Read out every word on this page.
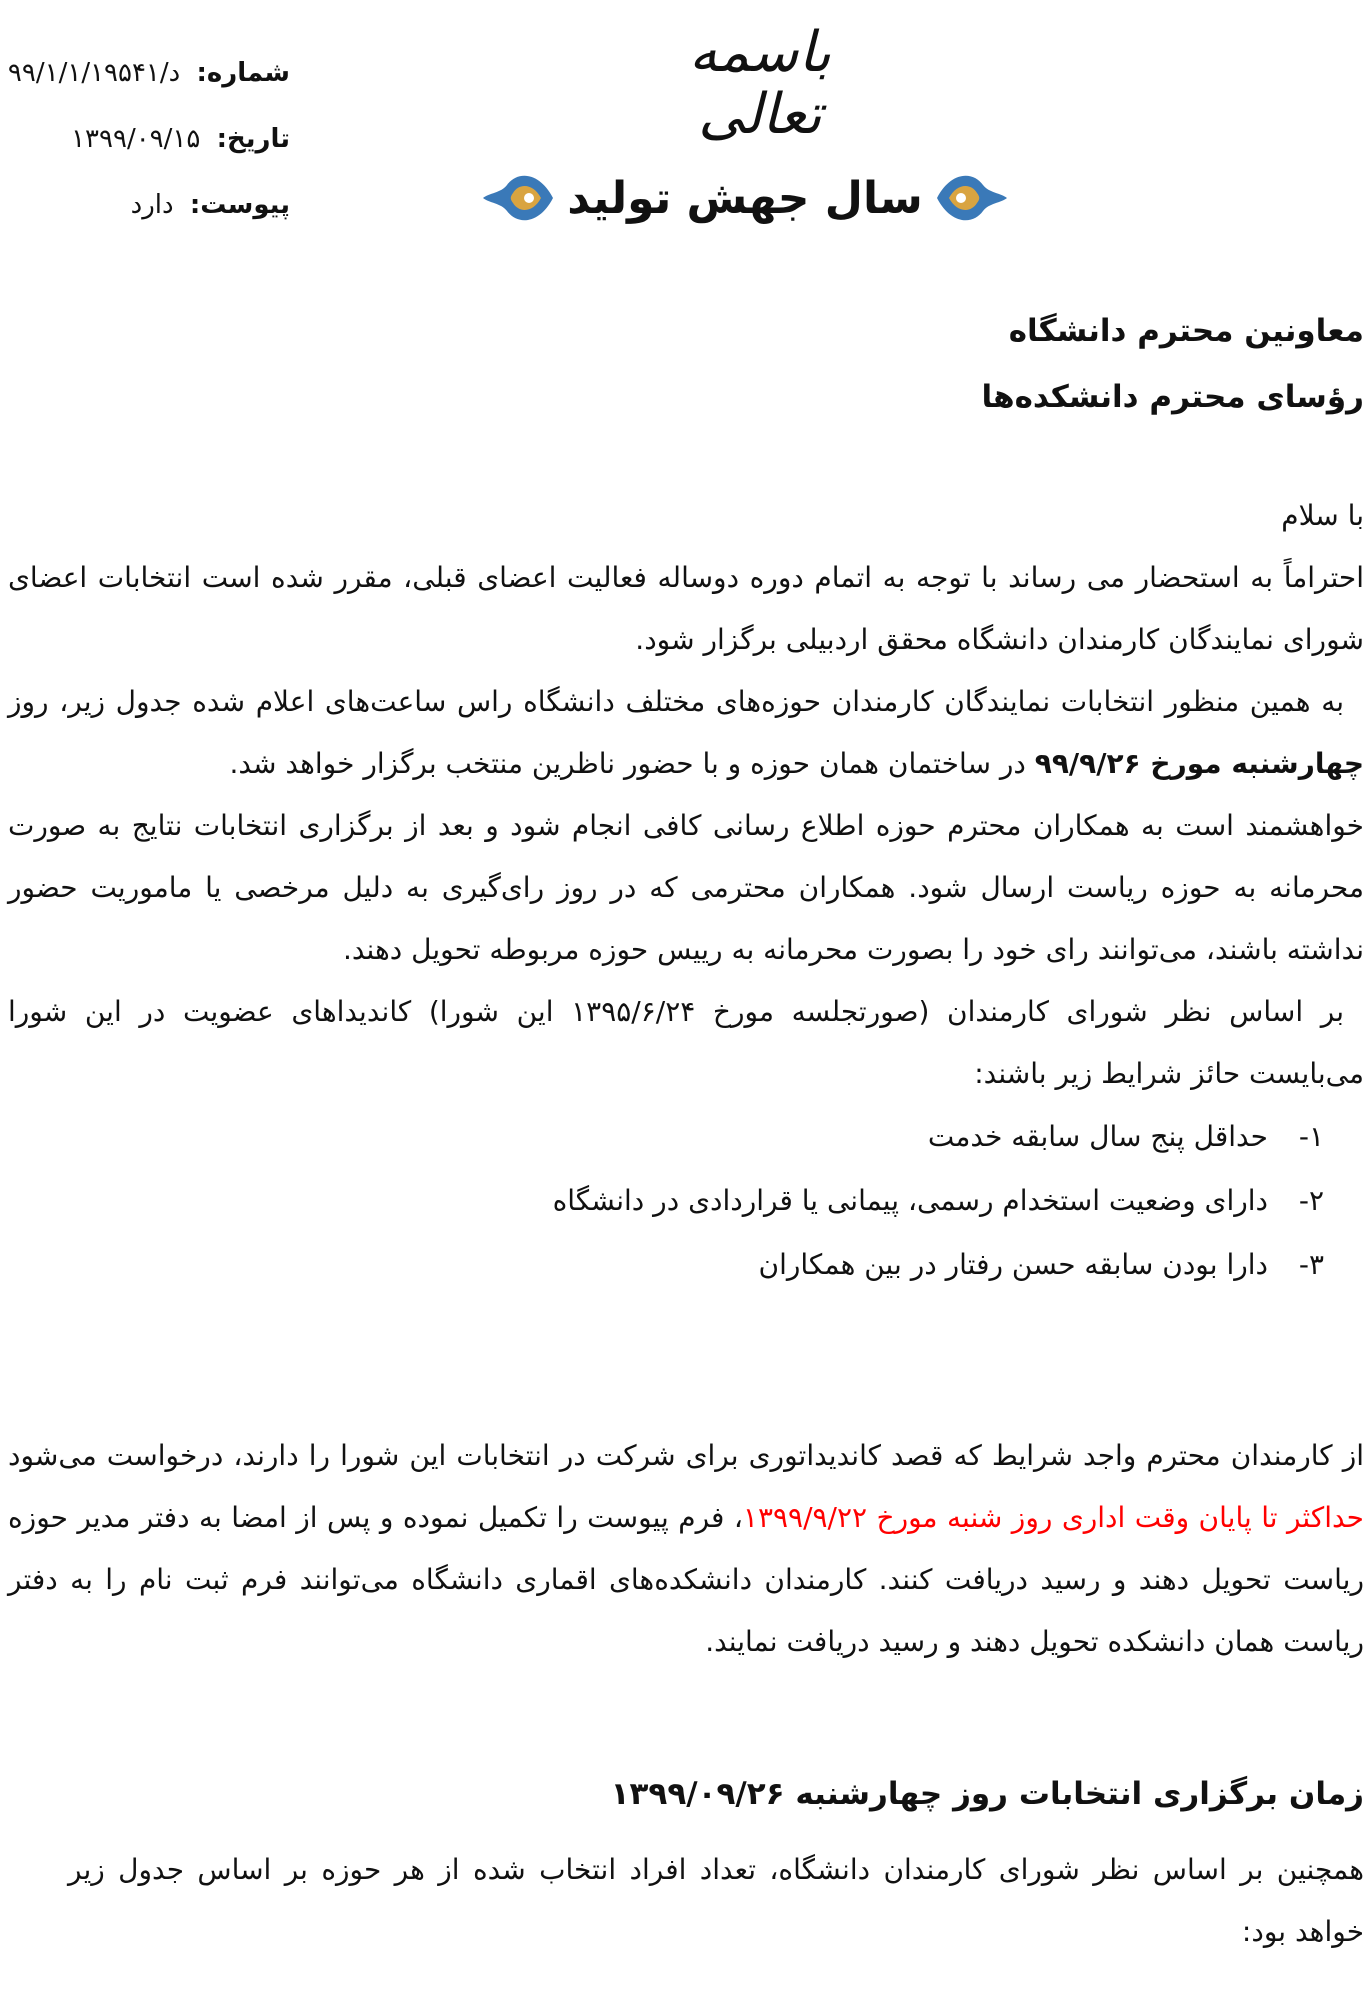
باسمه تعالی
شماره: ۹۹/د/۱/۱/۱۹۵۴۱
تاریخ: ۱۳۹۹/۰۹/۱۵
پیوست: دارد	سال جهش تولید

معاونین محترم دانشگاه

رؤسای محترم دانشکده‌ها

با سلام

احتراماً به استحضار می رساند با توجه به اتمام دوره دوساله فعالیت اعضای قبلی، مقرر شده است انتخابات اعضای شورای نمایندگان کارمندان دانشگاه محقق اردبیلی برگزار شود.

به همین منظور انتخابات نمایندگان کارمندان حوزه‌های مختلف دانشگاه راس ساعت‌های اعلام شده جدول زیر، روز چهارشنبه مورخ ۹۹/۹/۲۶ در ساختمان همان حوزه و با حضور ناظرین منتخب برگزار خواهد شد.

خواهشمند است به همکاران محترم حوزه اطلاع رسانی کافی انجام شود و بعد از برگزاری انتخابات نتایج به صورت محرمانه به حوزه ریاست ارسال شود. همکاران محترمی که در روز رای‌گیری به دلیل مرخصی یا ماموریت حضور نداشته باشند، می‌توانند رای خود را بصورت محرمانه به رییس حوزه مربوطه تحویل دهند.

بر اساس نظر شورای کارمندان (صورتجلسه مورخ ۱۳۹۵/۶/۲۴ این شورا) کاندیداهای عضویت در این شورا می‌بایست حائز شرایط زیر باشند:

۱-حداقل پنج سال سابقه خدمت
۲-دارای وضعیت استخدام رسمی، پیمانی یا قراردادی در دانشگاه
۳-دارا بودن سابقه حسن رفتار در بین همکاران

از کارمندان محترم واجد شرایط که قصد کاندیداتوری برای شرکت در انتخابات این شورا را دارند، درخواست می‌شود حداکثر تا پایان وقت اداری روز شنبه مورخ ۱۳۹۹/۹/۲۲، فرم پیوست را تکمیل نموده و پس از امضا به دفتر مدیر حوزه ریاست تحویل دهند و رسید دریافت کنند. کارمندان دانشکده‌های اقماری دانشگاه می‌توانند فرم ثبت نام را به دفتر ریاست همان دانشکده تحویل دهند و رسید دریافت نمایند.

زمان برگزاری انتخابات روز چهارشنبه ۱۳۹۹/۰۹/۲۶

همچنین بر اساس نظر شورای کارمندان دانشگاه، تعداد افراد انتخاب شده از هر حوزه بر اساس جدول زیر خواهد بود:
